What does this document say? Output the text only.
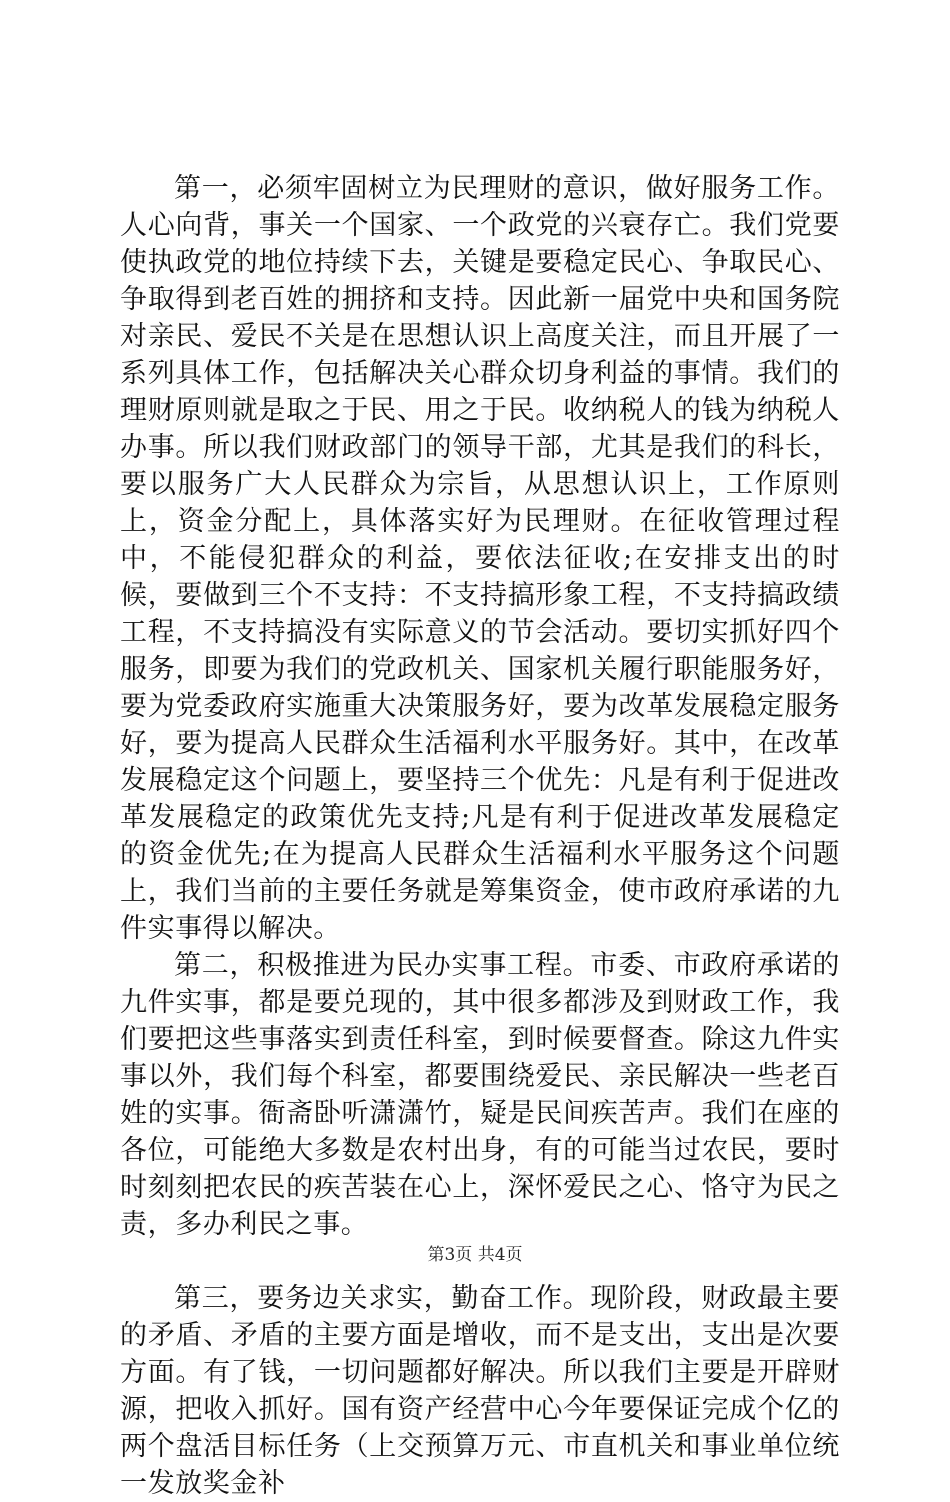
第一，必须牢固树立为民理财的意识，做好服务工作。人心向背，事关一个国家、一个政党的兴衰存亡。我们党要使执政党的地位持续下去，关键是要稳定民心、争取民心、争取得到老百姓的拥挤和支持。因此新一届党中央和国务院对亲民、爱民不关是在思想认识上高度关注，而且开展了一系列具体工作，包括解决关心群众切身利益的事情。我们的理财原则就是取之于民、用之于民。收纳税人的钱为纳税人办事。所以我们财政部门的领导干部，尤其是我们的科长，要以服务广大人民群众为宗旨，从思想认识上，工作原则上，资金分配上，具体落实好为民理财。在征收管理过程中，不能侵犯群众的利益，要依法征收;在安排支出的时候，要做到三个不支持：不支持搞形象工程，不支持搞政绩工程，不支持搞没有实际意义的节会活动。要切实抓好四个服务，即要为我们的党政机关、国家机关履行职能服务好，要为党委政府实施重大决策服务好，要为改革发展稳定服务好，要为提高人民群众生活福利水平服务好。其中，在改革发展稳定这个问题上，要坚持三个优先：凡是有利于促进改革发展稳定的政策优先支持;凡是有利于促进改革发展稳定的资金优先;在为提高人民群众生活福利水平服务这个问题上，我们当前的主要任务就是筹集资金，使市政府承诺的九件实事得以解决。

第二，积极推进为民办实事工程。市委、市政府承诺的九件实事，都是要兑现的，其中很多都涉及到财政工作，我们要把这些事落实到责任科室，到时候要督查。除这九件实事以外，我们每个科室，都要围绕爱民、亲民解决一些老百姓的实事。衙斋卧听潇潇竹，疑是民间疾苦声。我们在座的各位，可能绝大多数是农村出身，有的可能当过农民，要时时刻刻把农民的疾苦装在心上，深怀爱民之心、恪守为民之责，多办利民之事。

第三，要务边关求实，勤奋工作。现阶段，财政最主要的矛盾、矛盾的主要方面是增收，而不是支出，支出是次要方面。有了钱，一切问题都好解决。所以我们主要是开辟财源，把收入抓好。国有资产经营中心今年要保证完成个亿的两个盘活目标任务（上交预算万元、市直机关和事业单位统一发放奖金补

第3页 共4页
